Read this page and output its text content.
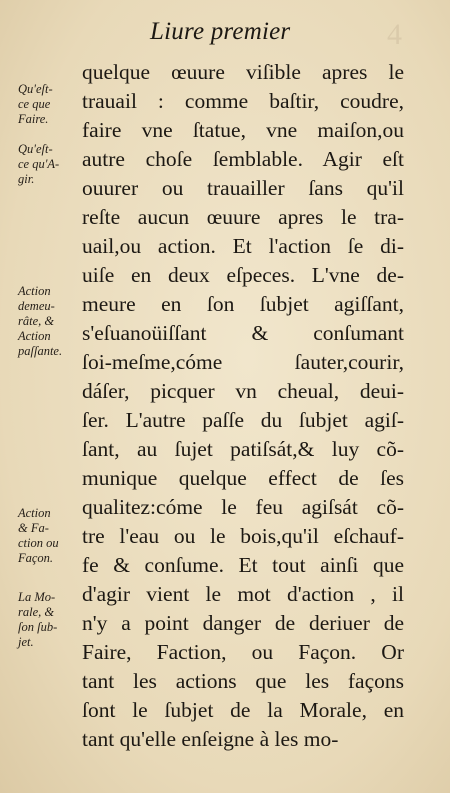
Liure premier	4
quelque œuure viſible apres le
trauail : comme baſtir, coudre,
faire vne ſtatue, vne maiſon,ou
autre choſe ſemblable. Agir eſt
ouurer ou trauailler ſans qu'il
reſte aucun œuure apres le tra-
uail,ou action. Et l'action ſe di-
uiſe en deux eſpeces. L'vne de-
meure en ſon ſubjet agiſſant,
s'eſuanoüiſſant & conſumant
ſoi-meſme,cóme ſauter,courir,
dáſer, picquer vn cheual, deui-
ſer. L'autre paſſe du ſubjet agiſ-
ſant, au ſujet patiſsát,& luy cõ-
munique quelque effect de ſes
qualitez:cóme le feu agiſsát cõ-
tre l'eau ou le bois,qu'il eſchauf-
fe & conſume. Et tout ainſi que
d'agir vient le mot d'action , il
n'y a point danger de deriuer de
Faire, Faction, ou Façon. Or
tant les actions que les façons
ſont le ſubjet de la Morale, en
tant qu'elle enſeigne à les mo-
Qu'eſt-
ce que
Faire.
Qu'eſt-
ce qu'A-
gir.
Action
demeu-
râte, &
Action
paſſante.
Action
& Fa-
ction ou
Façon.
La Mo-
rale, &
ſon ſub-
jet.
